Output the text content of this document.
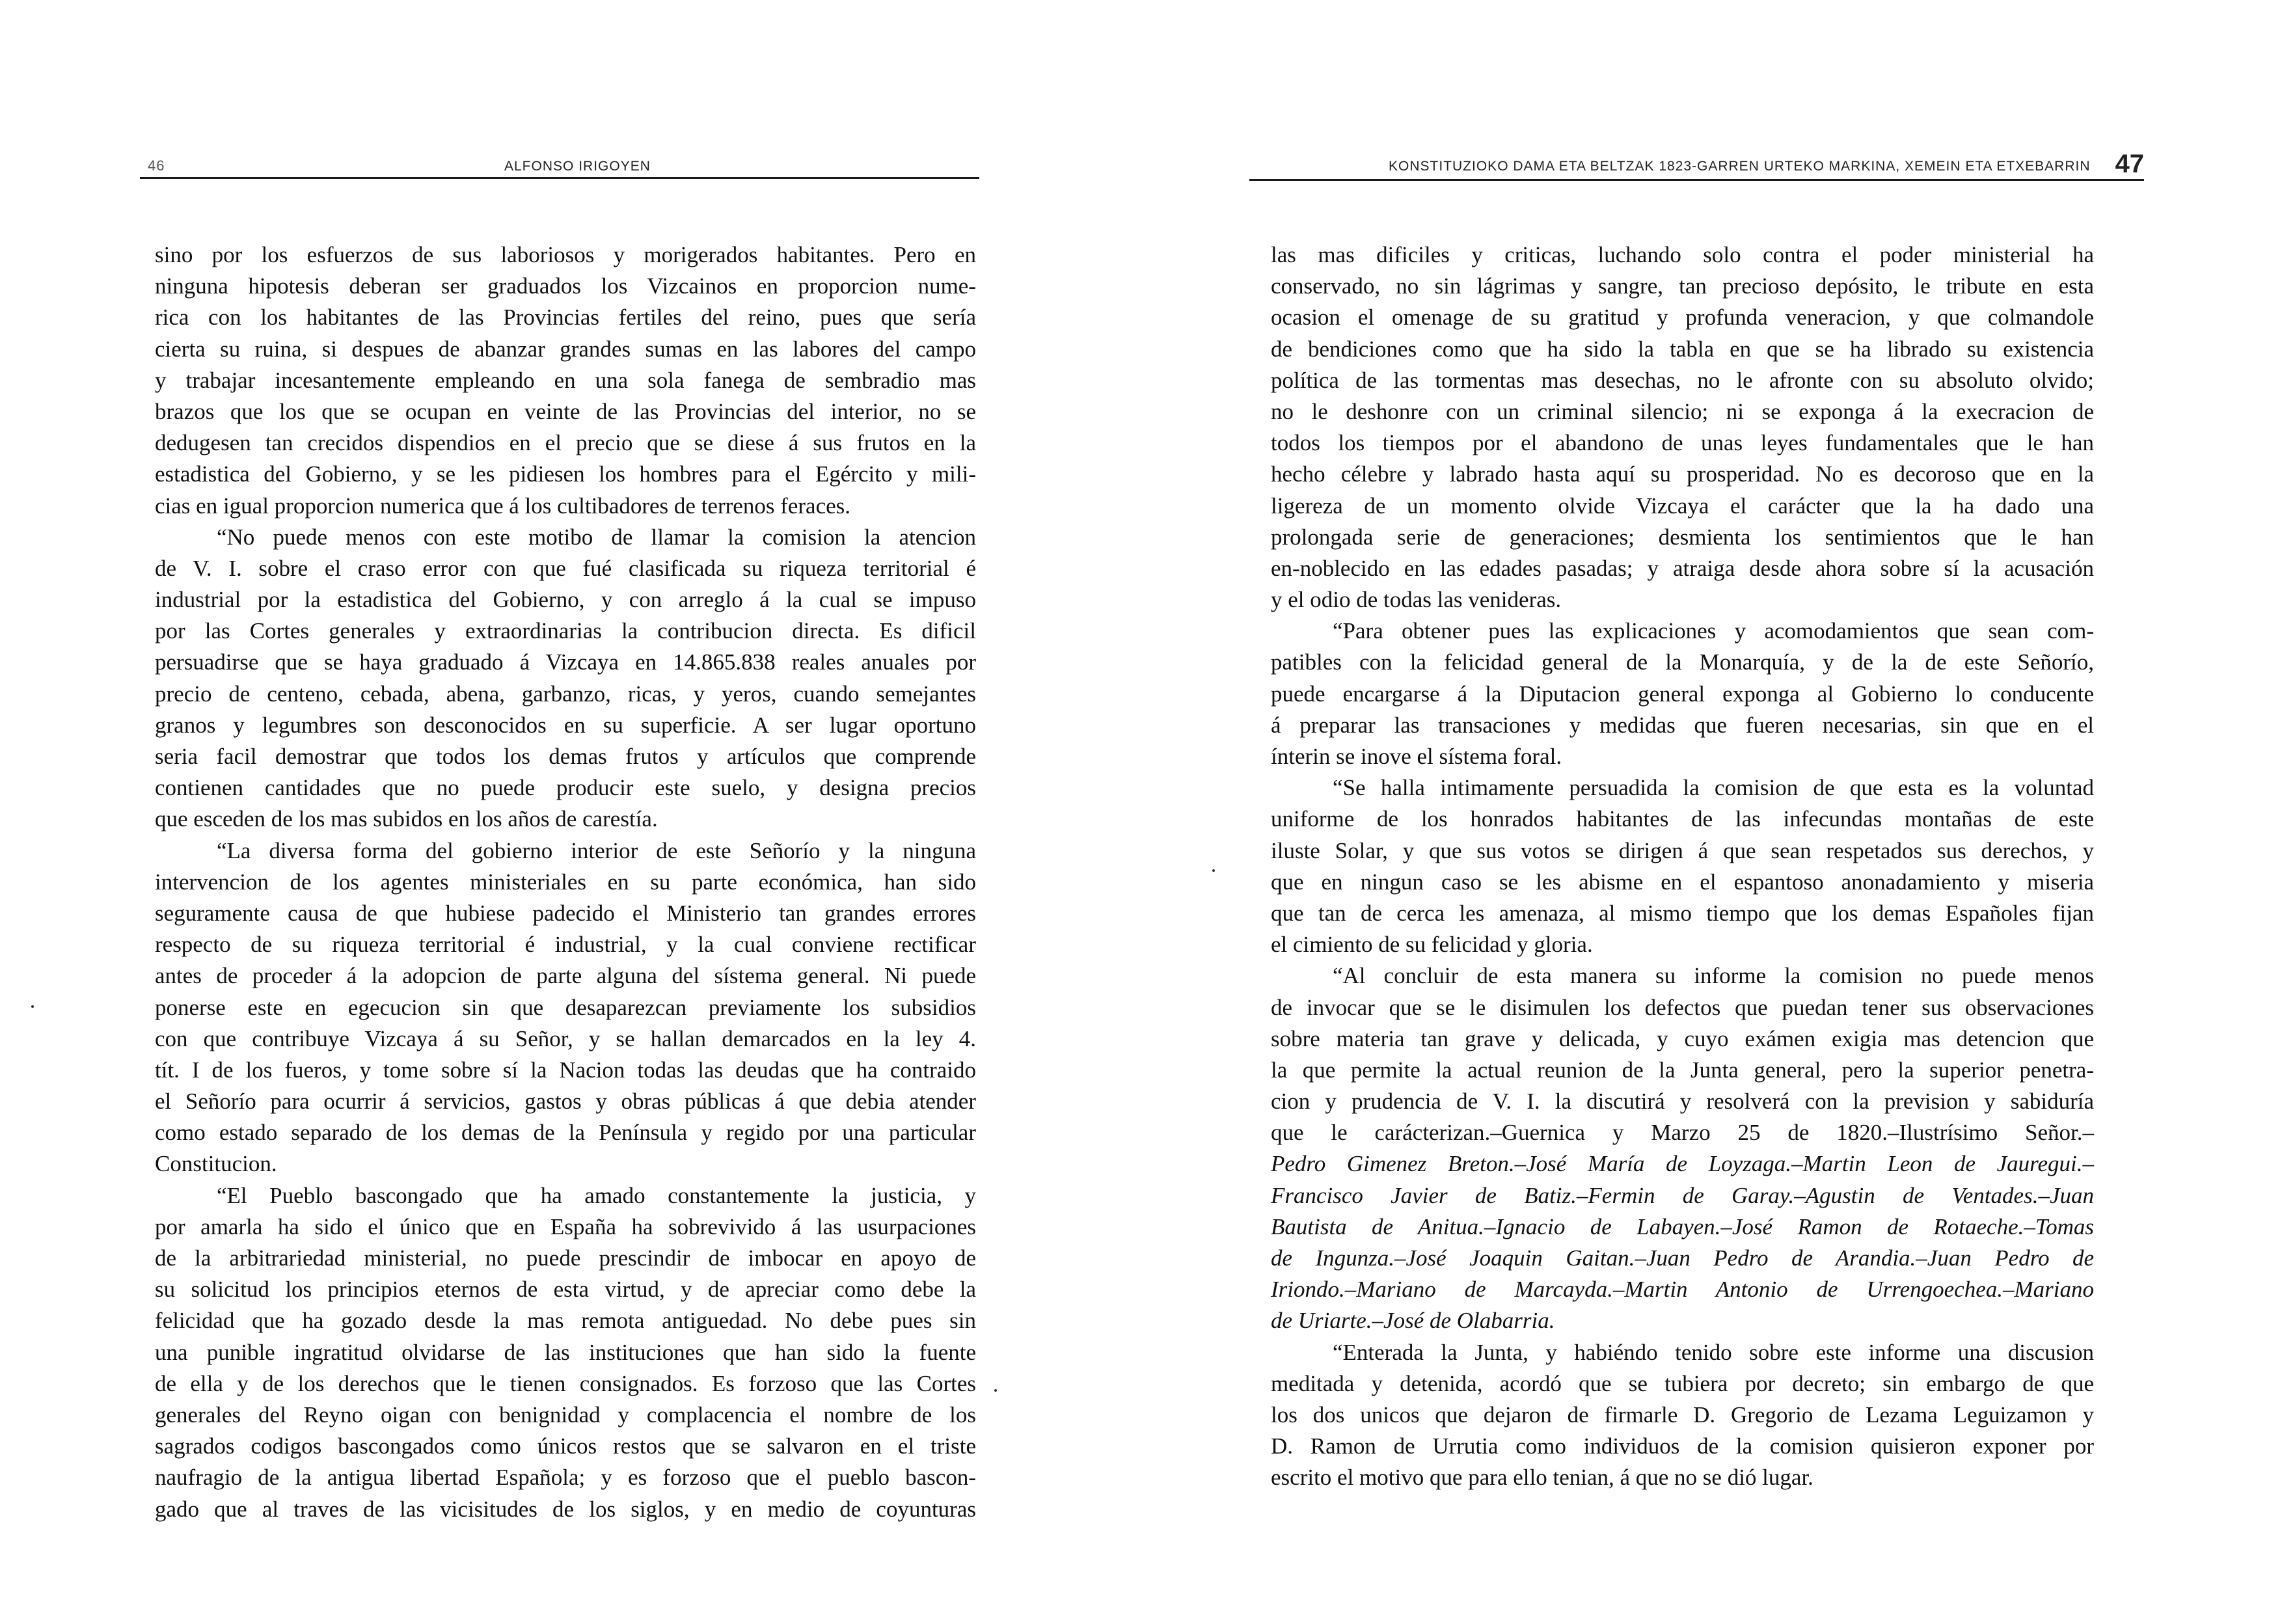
46	ALFONSO IRIGOYEN
sino por los esfuerzos de sus laboriosos y morigerados habitantes. Pero en
ninguna hipotesis deberan ser graduados los Vizcainos en proporcion nume-
rica con los habitantes de las Provincias fertiles del reino, pues que sería
cierta su ruina, si despues de abanzar grandes sumas en las labores del campo
y trabajar incesantemente empleando en una sola fanega de sembradio mas
brazos que los que se ocupan en veinte de las Provincias del interior, no se
dedugesen tan crecidos dispendios en el precio que se diese á sus frutos en la
estadistica del Gobierno, y se les pidiesen los hombres para el Egército y mili-
cias en igual proporcion numerica que á los cultibadores de terrenos feraces.
“No puede menos con este motibo de llamar la comision la atencion
de V. I. sobre el craso error con que fué clasificada su riqueza territorial é
industrial por la estadistica del Gobierno, y con arreglo á la cual se impuso
por las Cortes generales y extraordinarias la contribucion directa. Es dificil
persuadirse que se haya graduado á Vizcaya en 14.865.838 reales anuales por
precio de centeno, cebada, abena, garbanzo, ricas, y yeros, cuando semejantes
granos y legumbres son desconocidos en su superficie. A ser lugar oportuno
seria facil demostrar que todos los demas frutos y artículos que comprende
contienen cantidades que no puede producir este suelo, y designa precios
que esceden de los mas subidos en los años de carestía.
“La diversa forma del gobierno interior de este Señorío y la ninguna
intervencion de los agentes ministeriales en su parte económica, han sido
seguramente causa de que hubiese padecido el Ministerio tan grandes errores
respecto de su riqueza territorial é industrial, y la cual conviene rectificar
antes de proceder á la adopcion de parte alguna del sístema general. Ni puede
ponerse este en egecucion sin que desaparezcan previamente los subsidios
con que contribuye Vizcaya á su Señor, y se hallan demarcados en la ley 4.
tít. I de los fueros, y tome sobre sí la Nacion todas las deudas que ha contraido
el Señorío para ocurrir á servicios, gastos y obras públicas á que debia atender
como estado separado de los demas de la Península y regido por una particular
Constitucion.
“El Pueblo bascongado que ha amado constantemente la justicia, y
por amarla ha sido el único que en España ha sobrevivido á las usurpaciones
de la arbitrariedad ministerial, no puede prescindir de imbocar en apoyo de
su solicitud los principios eternos de esta virtud, y de apreciar como debe la
felicidad que ha gozado desde la mas remota antiguedad. No debe pues sin
una punible ingratitud olvidarse de las instituciones que han sido la fuente
de ella y de los derechos que le tienen consignados. Es forzoso que las Cortes
generales del Reyno oigan con benignidad y complacencia el nombre de los
sagrados codigos bascongados como únicos restos que se salvaron en el triste
naufragio de la antigua libertad Española; y es forzoso que el pueblo bascon-
gado que al traves de las vicisitudes de los siglos, y en medio de coyunturas
KONSTITUZIOKO DAMA ETA BELTZAK 1823-GARREN URTEKO MARKINA, XEMEIN ETA ETXEBARRIN 47
las mas dificiles y criticas, luchando solo contra el poder ministerial ha
conservado, no sin lágrimas y sangre, tan precioso depósito, le tribute en esta
ocasion el omenage de su gratitud y profunda veneracion, y que colmandole
de bendiciones como que ha sido la tabla en que se ha librado su existencia
política de las tormentas mas desechas, no le afronte con su absoluto olvido;
no le deshonre con un criminal silencio; ni se exponga á la execracion de
todos los tiempos por el abandono de unas leyes fundamentales que le han
hecho célebre y labrado hasta aquí su prosperidad. No es decoroso que en la
ligereza de un momento olvide Vizcaya el carácter que la ha dado una
prolongada serie de generaciones; desmienta los sentimientos que le han
en-noblecido en las edades pasadas; y atraiga desde ahora sobre sí la acusación
y el odio de todas las venideras.
“Para obtener pues las explicaciones y acomodamientos que sean com-
patibles con la felicidad general de la Monarquía, y de la de este Señorío,
puede encargarse á la Diputacion general exponga al Gobierno lo conducente
á preparar las transaciones y medidas que fueren necesarias, sin que en el
ínterin se inove el sístema foral.
“Se halla intimamente persuadida la comision de que esta es la voluntad
uniforme de los honrados habitantes de las infecundas montañas de este
iluste Solar, y que sus votos se dirigen á que sean respetados sus derechos, y
que en ningun caso se les abisme en el espantoso anonadamiento y miseria
que tan de cerca les amenaza, al mismo tiempo que los demas Españoles fijan
el cimiento de su felicidad y gloria.
“Al concluir de esta manera su informe la comision no puede menos
de invocar que se le disimulen los defectos que puedan tener sus observaciones
sobre materia tan grave y delicada, y cuyo exámen exigia mas detencion que
la que permite la actual reunion de la Junta general, pero la superior penetra-
cion y prudencia de V. I. la discutirá y resolverá con la prevision y sabiduría
que le carácterizan.–Guernica y Marzo 25 de 1820.–Ilustrísimo Señor.–
Pedro Gimenez Breton.–José María de Loyzaga.–Martin Leon de Jauregui.–
Francisco Javier de Batiz.–Fermin de Garay.–Agustin de Ventades.–Juan
Bautista de Anitua.–Ignacio de Labayen.–José Ramon de Rotaeche.–Tomas
de Ingunza.–José Joaquin Gaitan.–Juan Pedro de Arandia.–Juan Pedro de
Iriondo.–Mariano de Marcayda.–Martin Antonio de Urrengoechea.–Mariano
de Uriarte.–José de Olabarria.
“Enterada la Junta, y habiéndo tenido sobre este informe una discusion
meditada y detenida, acordó que se tubiera por decreto; sin embargo de que
los dos unicos que dejaron de firmarle D. Gregorio de Lezama Leguizamon y
D. Ramon de Urrutia como individuos de la comision quisieron exponer por
escrito el motivo que para ello tenian, á que no se dió lugar.
